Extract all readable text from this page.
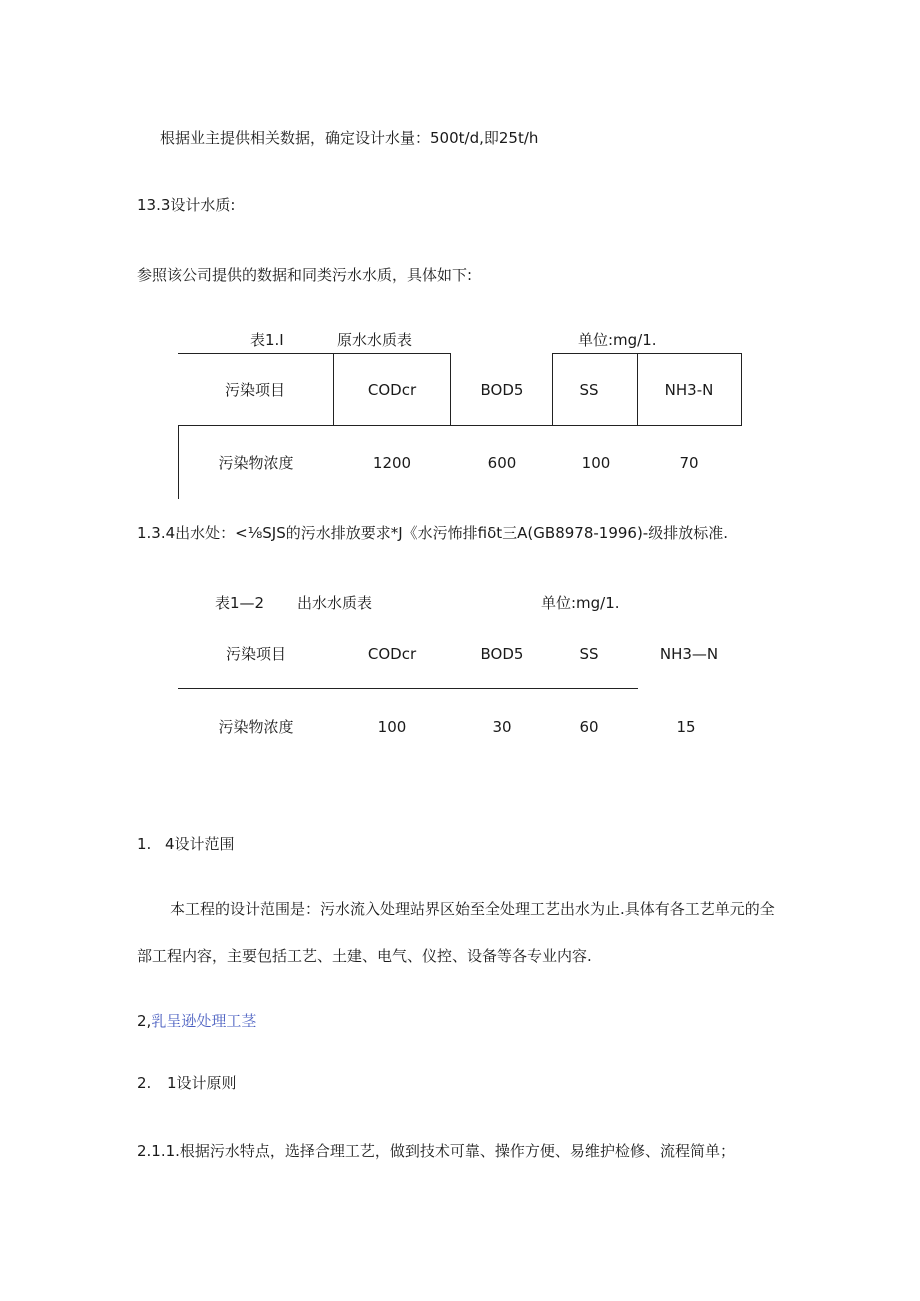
根据业主提供相关数据，确定设计水量：500t/d,即25t/h
13.3设计水质:
参照该公司提供的数据和同类污水水质，具体如下:
表1.I	原水水质表	单位:mg/1.
污染项目	CODcr	BOD5	SS	NH3-N
污染物浓度	1200	600	100	70
1.3.4出水处：<⅛SJS的污水排放要求*J《水污怖排fiδt三A(GB8978-1996)-级排放标准.
表1—2 出水水质表	单位:mg/1.
污染项目	CODcr	BOD5	SS	NH3—N
污染物浓度	100	30	60	15
1. 4设计范围
本工程的设计范围是：污水流入处理站界区始至全处理工艺出水为止.具体有各工艺单元的全
部工程内容，主要包括工艺、土建、电气、仪控、设备等各专业内容.
2,乳呈逊处理工茎
2. 1设计原则
2.1.1.根据污水特点，选择合理工艺，做到技术可靠、操作方便、易维护检修、流程简单；
